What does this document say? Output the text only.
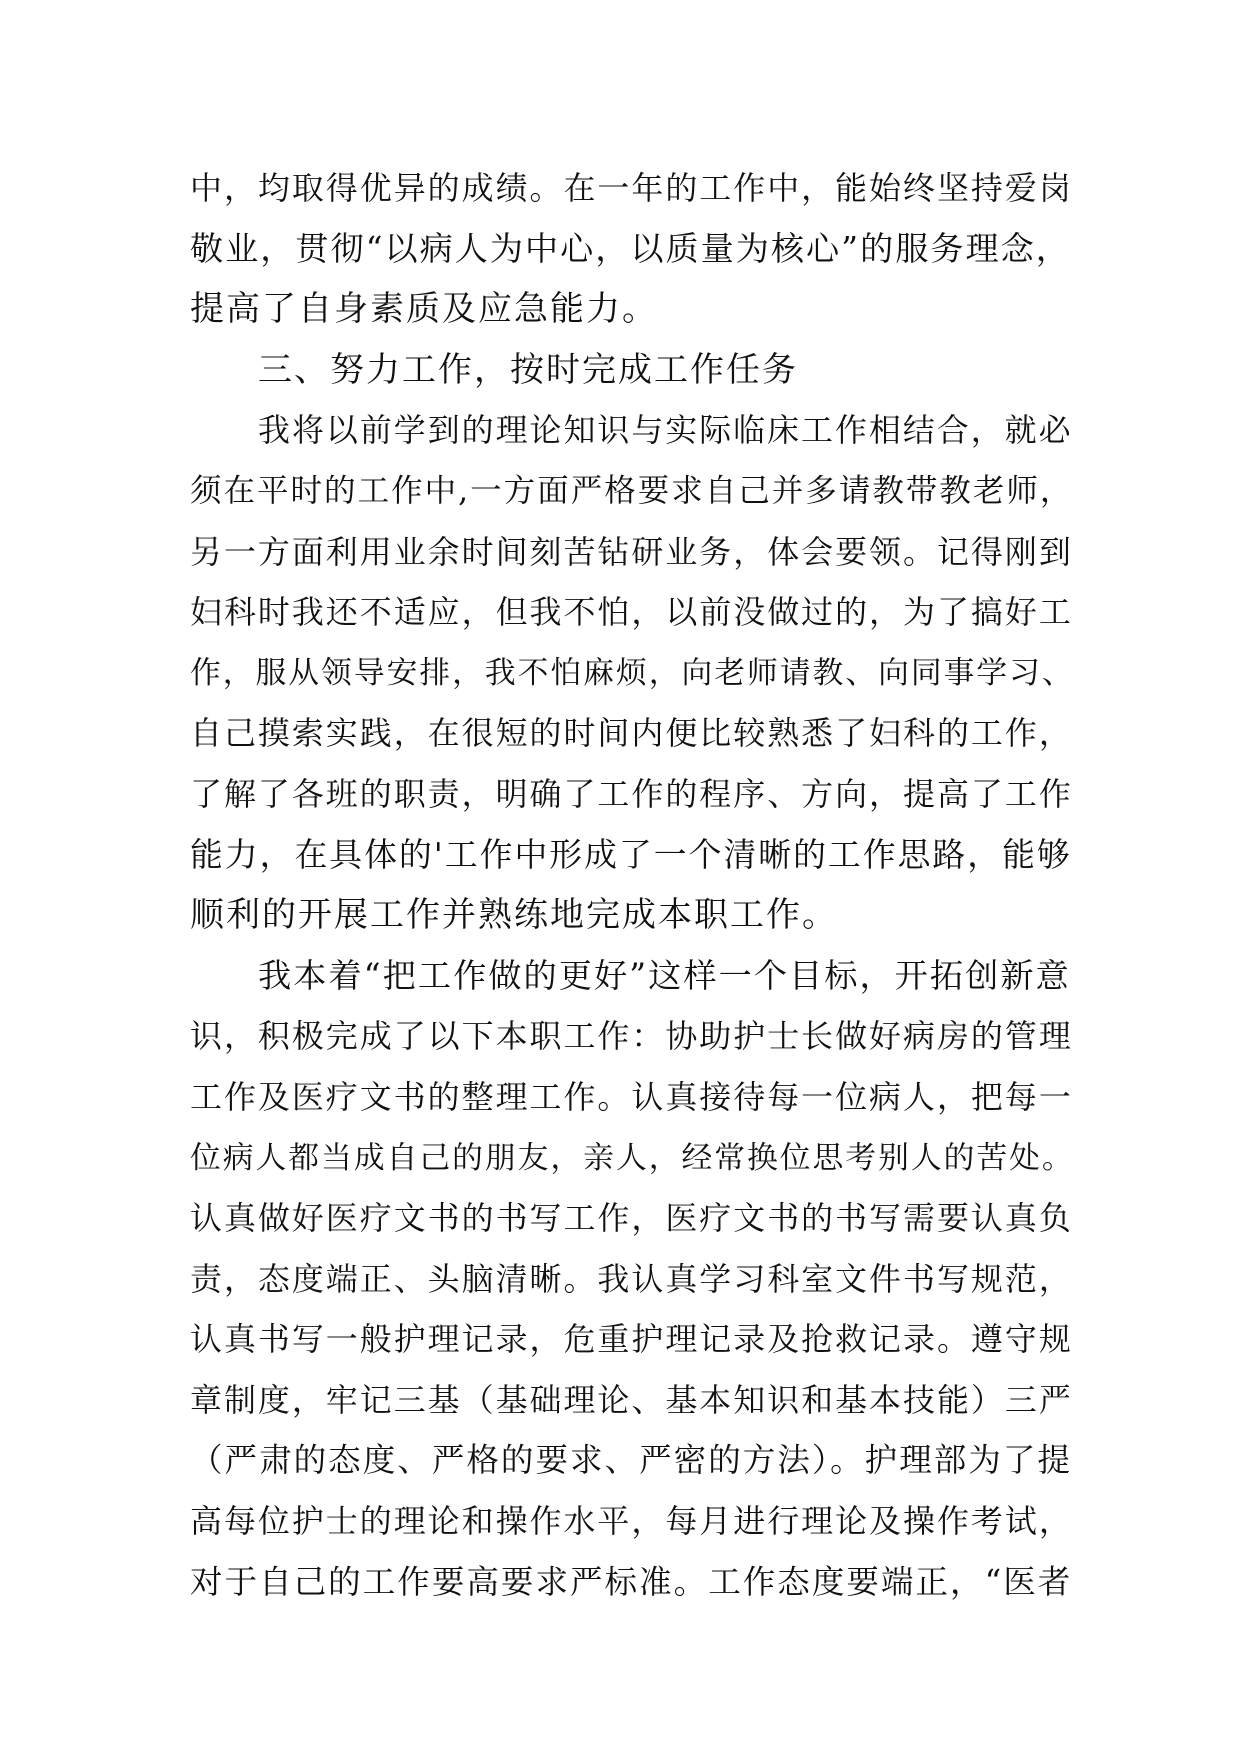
中，均取得优异的成绩。在一年的工作中，能始终坚持爱岗
敬业，贯彻“以病人为中心，以质量为核心”的服务理念，
提高了自身素质及应急能力。
三、努力工作，按时完成工作任务
我将以前学到的理论知识与实际临床工作相结合，就必
须在平时的工作中,一方面严格要求自己并多请教带教老师，
另一方面利用业余时间刻苦钻研业务，体会要领。记得刚到
妇科时我还不适应，但我不怕，以前没做过的，为了搞好工
作，服从领导安排，我不怕麻烦，向老师请教、向同事学习、
自己摸索实践，在很短的时间内便比较熟悉了妇科的工作，
了解了各班的职责，明确了工作的程序、方向，提高了工作
能力，在具体的'工作中形成了一个清晰的工作思路，能够
顺利的开展工作并熟练地完成本职工作。
我本着“把工作做的更好”这样一个目标，开拓创新意
识，积极完成了以下本职工作：协助护士长做好病房的管理
工作及医疗文书的整理工作。认真接待每一位病人，把每一
位病人都当成自己的朋友，亲人，经常换位思考别人的苦处。
认真做好医疗文书的书写工作，医疗文书的书写需要认真负
责，态度端正、头脑清晰。我认真学习科室文件书写规范，
认真书写一般护理记录，危重护理记录及抢救记录。遵守规
章制度，牢记三基（基础理论、基本知识和基本技能）三严
（严肃的态度、严格的要求、严密的方法）。护理部为了提
高每位护士的理论和操作水平，每月进行理论及操作考试，
对于自己的工作要高要求严标准。工作态度要端正，“医者
